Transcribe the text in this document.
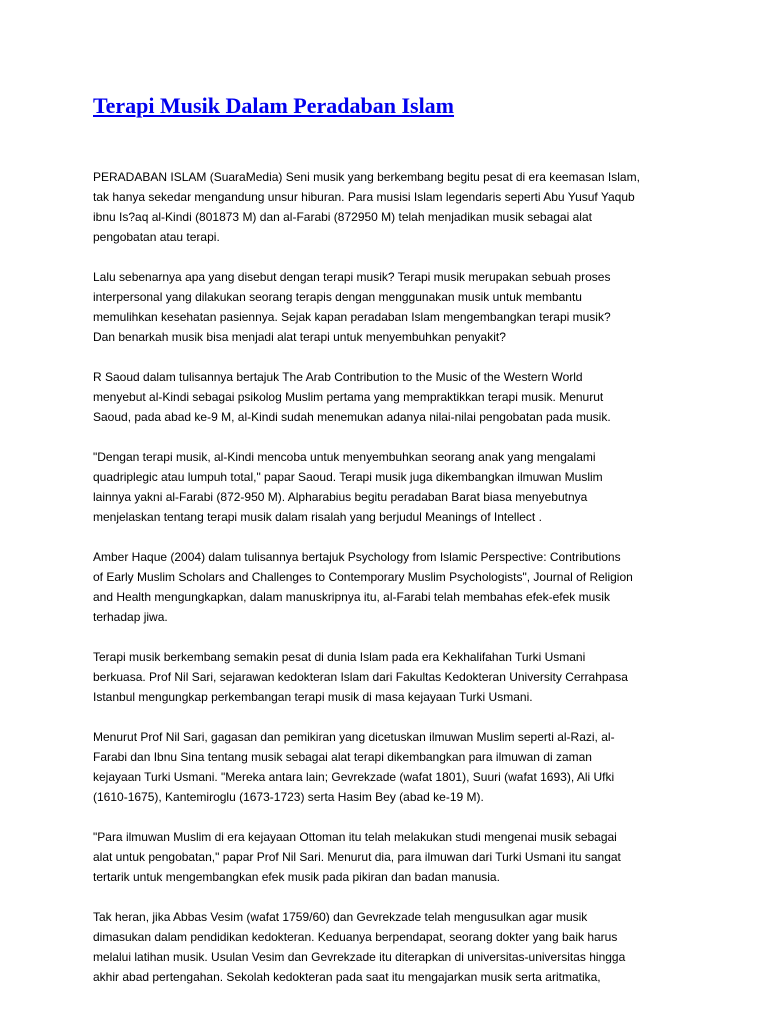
Terapi Musik Dalam Peradaban Islam
PERADABAN ISLAM (SuaraMedia) Seni musik yang berkembang begitu pesat di era keemasan Islam,
tak hanya sekedar mengandung unsur hiburan. Para musisi Islam legendaris seperti Abu Yusuf Yaqub
ibnu Is?aq al-Kindi (801873 M) dan al-Farabi (872950 M) telah menjadikan musik sebagai alat
pengobatan atau terapi.
Lalu sebenarnya apa yang disebut dengan terapi musik? Terapi musik merupakan sebuah proses
interpersonal yang dilakukan seorang terapis dengan menggunakan musik untuk membantu
memulihkan kesehatan pasiennya. Sejak kapan peradaban Islam mengembangkan terapi musik?
Dan benarkah musik bisa menjadi alat terapi untuk menyembuhkan penyakit?
R Saoud dalam tulisannya bertajuk The Arab Contribution to the Music of the Western World
menyebut al-Kindi sebagai psikolog Muslim pertama yang mempraktikkan terapi musik. Menurut
Saoud, pada abad ke-9 M, al-Kindi sudah menemukan adanya nilai-nilai pengobatan pada musik.
"Dengan terapi musik, al-Kindi mencoba untuk menyembuhkan seorang anak yang mengalami
quadriplegic atau lumpuh total," papar Saoud. Terapi musik juga dikembangkan ilmuwan Muslim
lainnya yakni al-Farabi (872-950 M). Alpharabius begitu peradaban Barat biasa menyebutnya
menjelaskan tentang terapi musik dalam risalah yang berjudul Meanings of Intellect .
Amber Haque (2004) dalam tulisannya bertajuk Psychology from Islamic Perspective: Contributions
of Early Muslim Scholars and Challenges to Contemporary Muslim Psychologists", Journal of Religion
and Health mengungkapkan, dalam manuskripnya itu, al-Farabi telah membahas efek-efek musik
terhadap jiwa.
Terapi musik berkembang semakin pesat di dunia Islam pada era Kekhalifahan Turki Usmani
berkuasa. Prof Nil Sari, sejarawan kedokteran Islam dari Fakultas Kedokteran University Cerrahpasa
Istanbul mengungkap perkembangan terapi musik di masa kejayaan Turki Usmani.
Menurut Prof Nil Sari, gagasan dan pemikiran yang dicetuskan ilmuwan Muslim seperti al-Razi, al-
Farabi dan Ibnu Sina tentang musik sebagai alat terapi dikembangkan para ilmuwan di zaman
kejayaan Turki Usmani. "Mereka antara lain; Gevrekzade (wafat 1801), Suuri (wafat 1693), Ali Ufki
(1610-1675), Kantemiroglu (1673-1723) serta Hasim Bey (abad ke-19 M).
"Para ilmuwan Muslim di era kejayaan Ottoman itu telah melakukan studi mengenai musik sebagai
alat untuk pengobatan," papar Prof Nil Sari. Menurut dia, para ilmuwan dari Turki Usmani itu sangat
tertarik untuk mengembangkan efek musik pada pikiran dan badan manusia.
Tak heran, jika Abbas Vesim (wafat 1759/60) dan Gevrekzade telah mengusulkan agar musik
dimasukan dalam pendidikan kedokteran. Keduanya berpendapat, seorang dokter yang baik harus
melalui latihan musik. Usulan Vesim dan Gevrekzade itu diterapkan di universitas-universitas hingga
akhir abad pertengahan. Sekolah kedokteran pada saat itu mengajarkan musik serta aritmatika,
